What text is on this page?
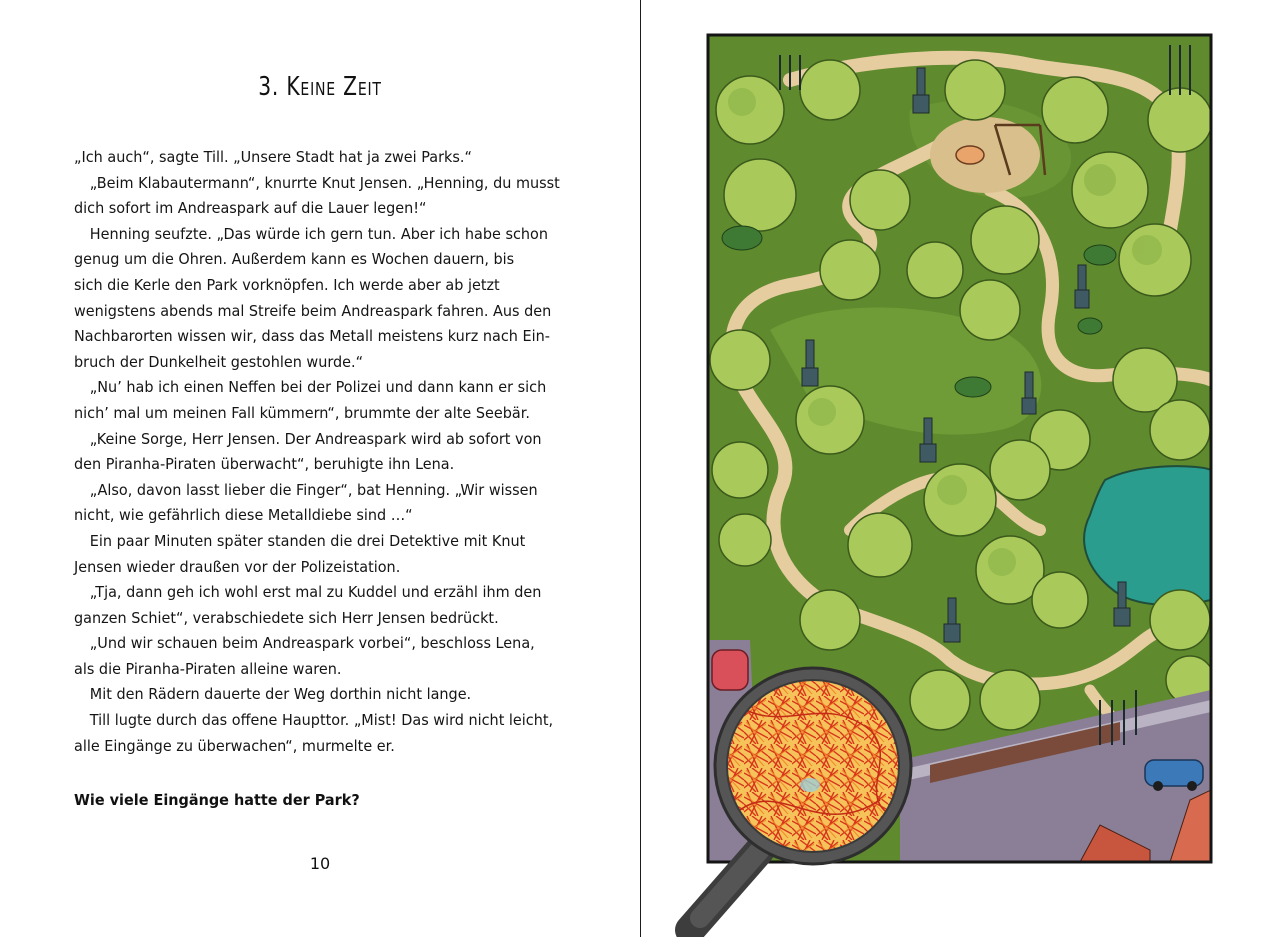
3. Keine Zeit
„Ich auch“, sagte Till. „Unsere Stadt hat ja zwei Parks.“
„Beim Klabautermann“, knurrte Knut Jensen. „Henning, du musst
dich sofort im Andreaspark auf die Lauer legen!“
Henning seufzte. „Das würde ich gern tun. Aber ich habe schon
genug um die Ohren. Außerdem kann es Wochen dauern, bis
sich die Kerle den Park vorknöpfen. Ich werde aber ab jetzt
wenigstens abends mal Streife beim Andreaspark fahren. Aus den
Nachbarorten wissen wir, dass das Metall meistens kurz nach Ein-
bruch der Dunkelheit gestohlen wurde.“
„Nu’ hab ich einen Neffen bei der Polizei und dann kann er sich
nich’ mal um meinen Fall kümmern“, brummte der alte Seebär.
„Keine Sorge, Herr Jensen. Der Andreaspark wird ab sofort von
den Piranha-Piraten überwacht“, beruhigte ihn Lena.
„Also, davon lasst lieber die Finger“, bat Henning. „Wir wissen
nicht, wie gefährlich diese Metalldiebe sind …“
Ein paar Minuten später standen die drei Detektive mit Knut
Jensen wieder draußen vor der Polizeistation.
„Tja, dann geh ich wohl erst mal zu Kuddel und erzähl ihm den
ganzen Schiet“, verabschiedete sich Herr Jensen bedrückt.
„Und wir schauen beim Andreaspark vorbei“, beschloss Lena,
als die Piranha-Piraten alleine waren.
Mit den Rädern dauerte der Weg dorthin nicht lange.
Till lugte durch das offene Haupttor. „Mist! Das wird nicht leicht,
alle Eingänge zu überwachen“, murmelte er.
Wie viele Eingänge hatte der Park?
10
